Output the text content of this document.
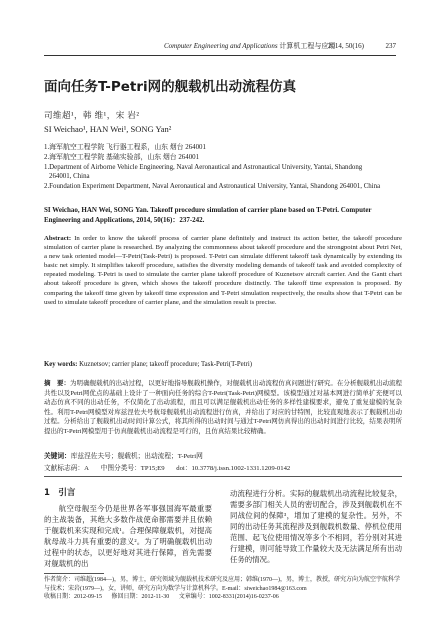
Computer Engineering and Applications 计算机工程与应用
2014, 50(16)	237
面向任务T-Petri网的舰载机出动流程仿真
司维超¹，韩 维¹，宋 岩²
SI Weichao¹, HAN Wei¹, SONG Yan²

1.海军航空工程学院 飞行器工程系，山东 烟台 264001

2.海军航空工程学院 基础实验部，山东 烟台 264001

1.Department of Airborne Vehicle Engineering, Naval Aeronautical and Astronautical University, Yantai, Shandong

264001, China

2.Foundation Experiment Department, Naval Aeronautical and Astronautical University, Yantai, Shandong 264001, China

SI Weichao, HAN Wei, SONG Yan. Takeoff procedure simulation of carrier plane based on T-Petri. Computer Engineering and Applications, 2014, 50(16)：237-242.
Abstract: In order to know the takeoff process of carrier plane definitely and instruct its action better, the takeoff procedure simulation of carrier plane is researched. By analyzing the commonness about takeoff procedure and the strongpoint about Petri Net, a new task oriented model—T-Petri(Task-Petri) is proposed. T-Petri can simulate different takeoff task dynamically by extending its basic net simply. It simplifies takeoff procedure, satisfies the diversity modeling demands of takeoff task and avoided complexity of repeated modeling. T-Petri is used to simulate the carrier plane takeoff procedure of Kuznetsov aircraft carrier. And the Gantt chart about takeoff procedure is given, which shows the takeoff procedure distinctly. The takeoff time expression is proposed. By comparing the takeoff time given by takeoff time expression and T-Petri simulation respectively, the results show that T-Petri can be used to simulate takeoff procedure of carrier plane, and the simulation result is precise.
Key words: Kuznetsov; carrier plane; takeoff procedure; Task-Petri(T-Petri)
摘　要：为明确舰载机的出动过程，以更好地指导舰载机操作，对舰载机出动流程仿真问题进行研究。在分析舰载机出动流程共性以及Petri网优点的基础上设计了一种面向任务的综合T-Petri(Task-Petri)网模型。该模型通过对基本网进行简单扩充便可以动态仿真不同的出动任务，不仅简化了出动流程，而且可以满足舰载机出动任务的多样性建模要求，避免了重复建模的复杂性。利用T-Petri网模型对库兹涅佐夫号航母舰载机出动流程进行仿真，并给出了对应的甘特图，比较直观地表示了舰载机出动过程。分析给出了舰载机出动时间计算公式，将其所得的出动时间与通过T-Petri网仿真得出的出动时间进行比较，结果表明所提出的T-Petri网模型用于仿真舰载机出动流程是可行的，且仿真结果比较精确。
关键词：库兹涅佐夫号；舰载机；出动流程；T-Petri网
文献标志码：A 中图分类号：TP15;E9 doi：10.3778/j.issn.1002-1331.1209-0142
1　引言

航空母舰至今仍是世界各军事强国海军最重要的主战装备，其绝大多数作战使命都需要并且依赖于舰载机来实现和完成¹。合理保障舰载机，对提高航母战斗力具有重要的意义²。为了明确舰载机出动过程中的状态，以更好地对其进行保障，首先需要对舰载机的出

动流程进行分析。实际的舰载机出动流程比较复杂，需要多部门相关人员的密切配合，涉及到舰载机在不同战位间的保障³，增加了建模的复杂性。另外，不同的出动任务其流程涉及到舰载机数量、停机位使用范围、起飞位使用情况等多个不相同，若分别对其进行建模，则可能导致工作量较大及无法满足所有出动任务的情况。

作者简介：司维超(1984—)，男，博士，研究领域为舰载机技术研究及应用；韩维(1970—)，男，博士，教授，研究方向为航空宇航科学与技术；宋岩(1979—)，女，讲师，研究方向为数学与计算机科学。E-mail：siweichao1984@163.com
收稿日期：2012-09-15 修回日期：2012-11-30 文章编号：1002-8331(2014)16-0237-06
